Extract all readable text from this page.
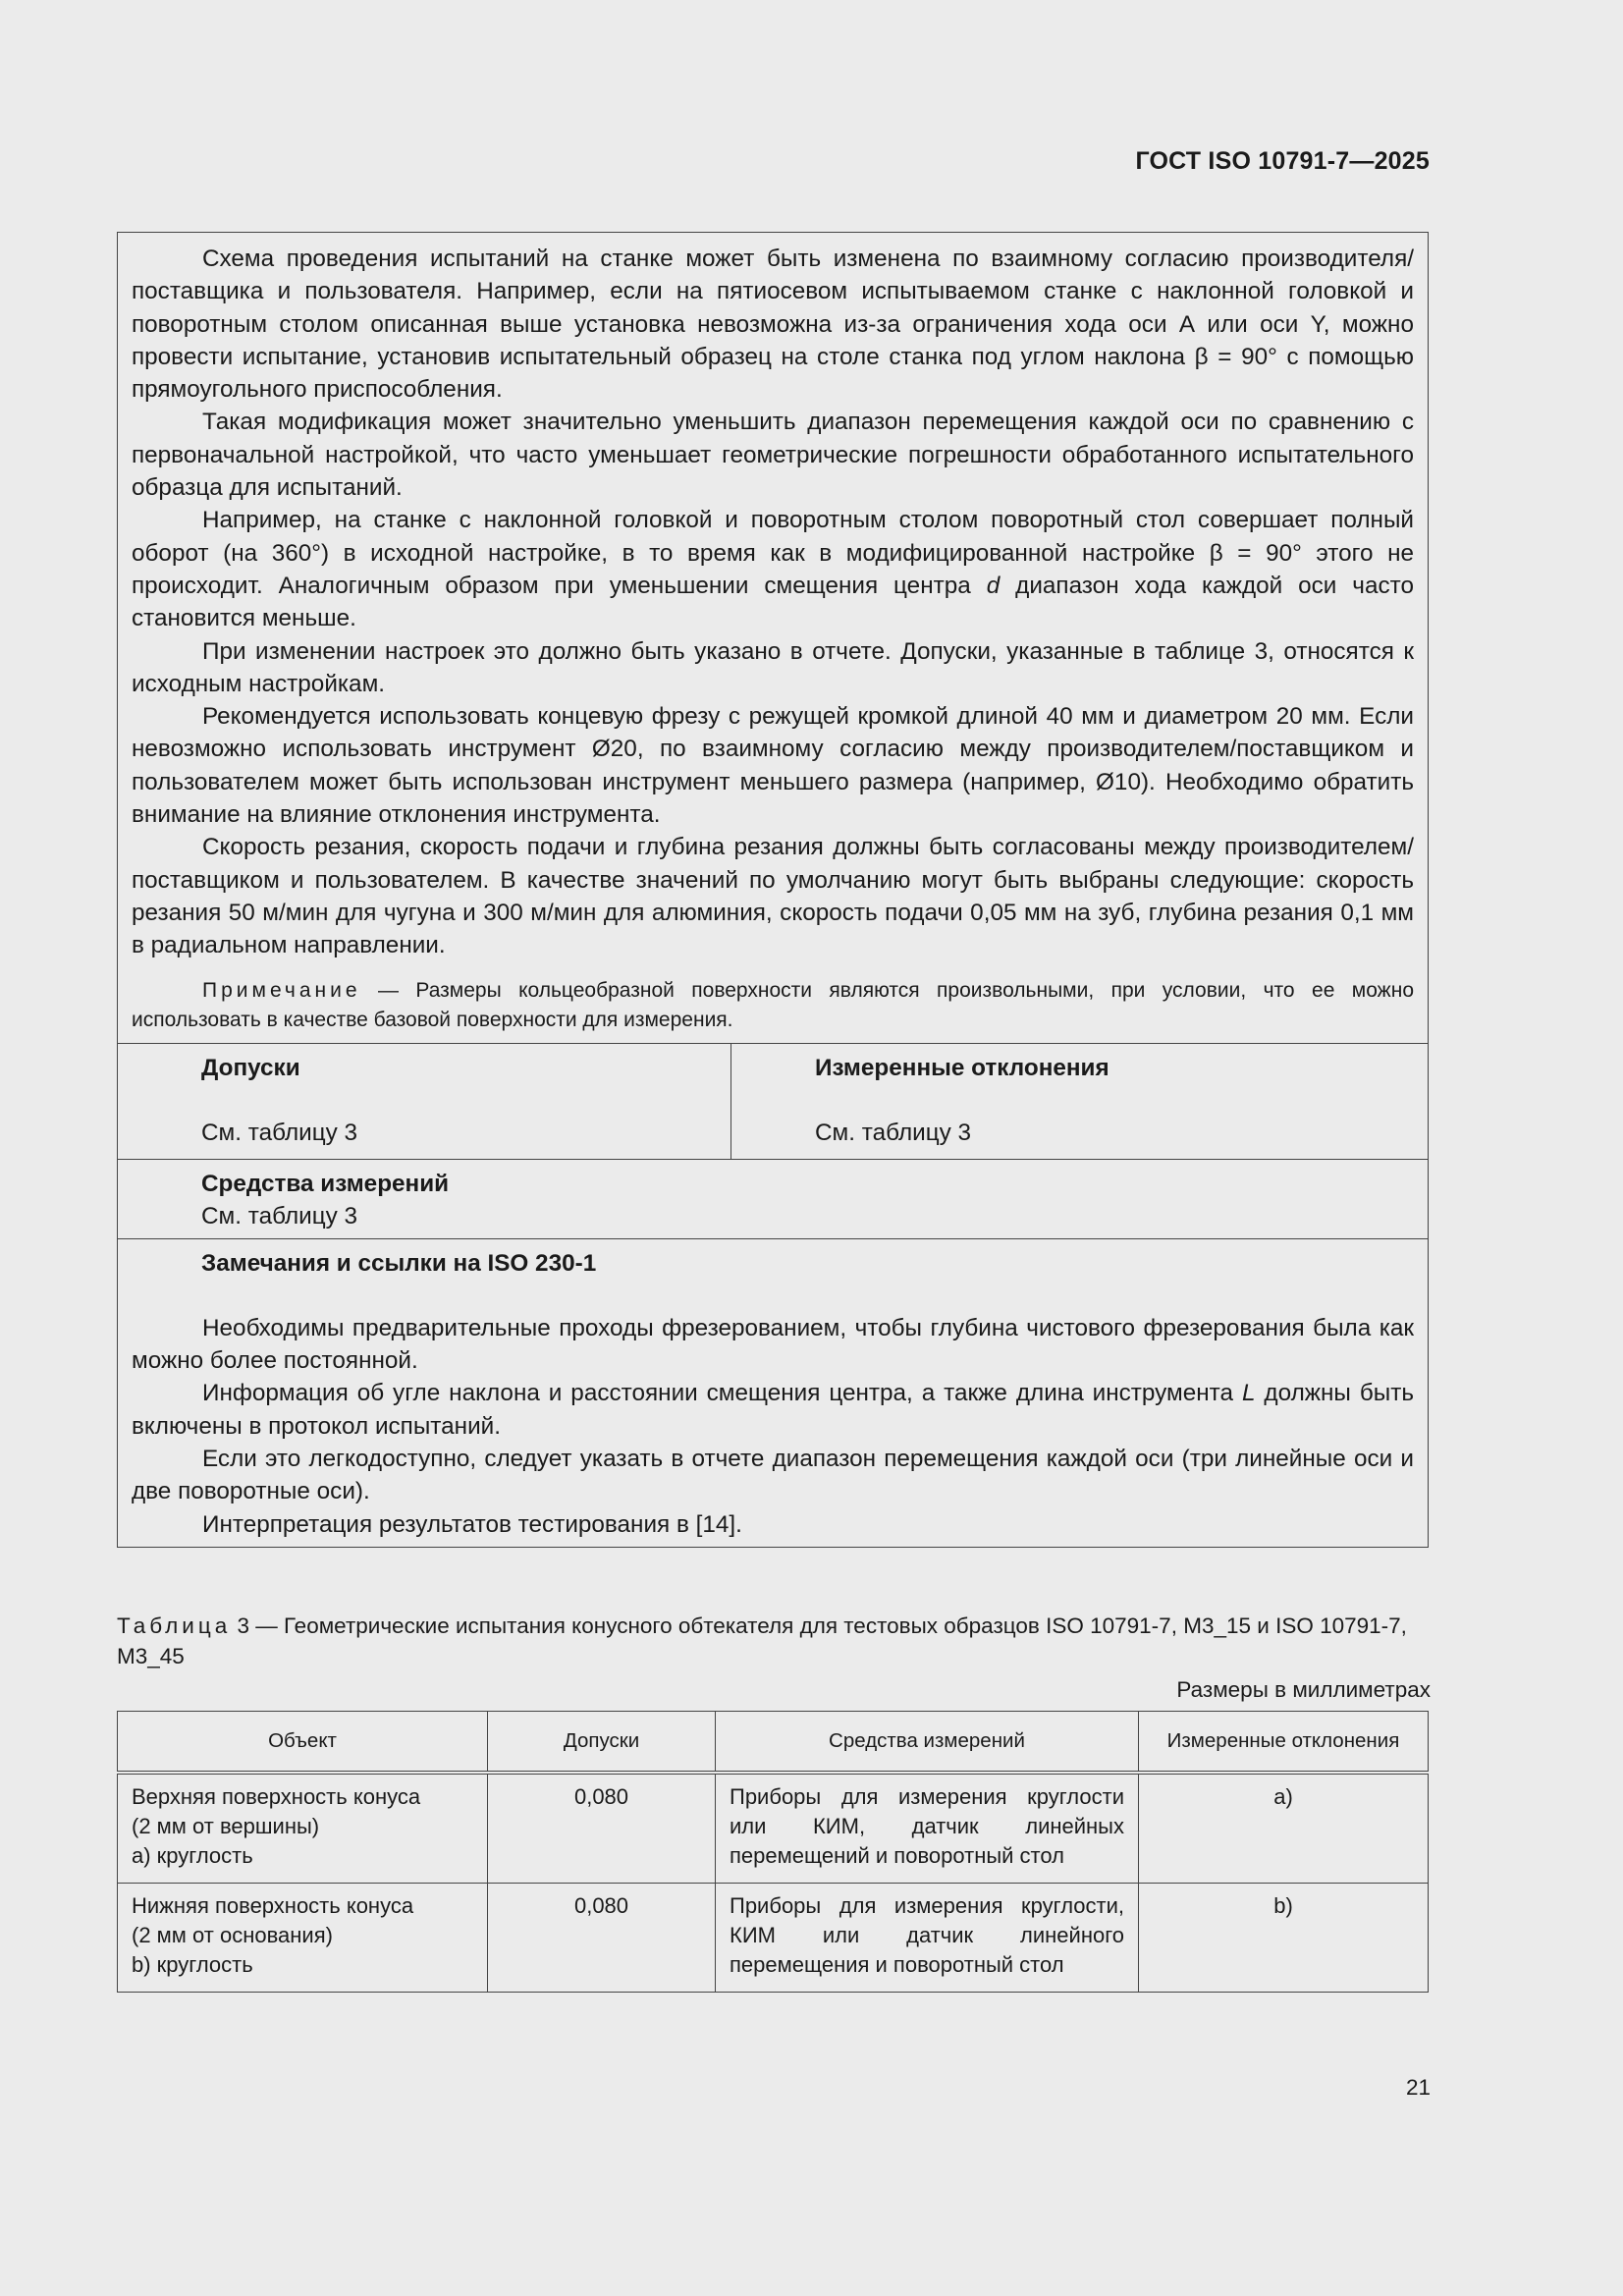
ГОСТ ISO 10791-7—2025

Схема проведения испытаний на станке может быть изменена по взаимному согласию производителя/поставщика и пользователя. Например, если на пятиосевом испытываемом станке с наклонной головкой и поворотным столом описанная выше установка невозможна из-за ограничения хода оси А или оси Y, можно провести испытание, установив испытательный образец на столе станка под углом наклона β = 90° с помощью прямоугольного приспособления.

Такая модификация может значительно уменьшить диапазон перемещения каждой оси по сравнению с первоначальной настройкой, что часто уменьшает геометрические погрешности обработанного испытательного образца для испытаний.

Например, на станке с наклонной головкой и поворотным столом поворотный стол совершает полный оборот (на 360°) в исходной настройке, в то время как в модифицированной настройке β = 90° этого не происходит. Аналогичным образом при уменьшении смещения центра d диапазон хода каждой оси часто становится меньше.

При изменении настроек это должно быть указано в отчете. Допуски, указанные в таблице 3, относятся к исходным настройкам.

Рекомендуется использовать концевую фрезу с режущей кромкой длиной 40 мм и диаметром 20 мм. Если невозможно использовать инструмент Ø20, по взаимному согласию между производителем/поставщиком и пользователем может быть использован инструмент меньшего размера (например, Ø10). Необходимо обратить внимание на влияние отклонения инструмента.

Скорость резания, скорость подачи и глубина резания должны быть согласованы между производителем/поставщиком и пользователем. В качестве значений по умолчанию могут быть выбраны следующие: скорость резания 50 м/мин для чугуна и 300 м/мин для алюминия, скорость подачи 0,05 мм на зуб, глубина резания 0,1 мм в радиальном направлении.

Примечание — Размеры кольцеобразной поверхности являются произвольными, при условии, что ее можно использовать в качестве базовой поверхности для измерения.

Допуски
См. таблицу 3
Измеренные отклонения
См. таблицу 3
Средства измерений
См. таблицу 3
Замечания и ссылки на ISO 230-1

Необходимы предварительные проходы фрезерованием, чтобы глубина чистового фрезерования была как можно более постоянной.

Информация об угле наклона и расстоянии смещения центра, а также длина инструмента L должны быть включены в протокол испытаний.

Если это легкодоступно, следует указать в отчете диапазон перемещения каждой оси (три линейные оси и две поворотные оси).

Интерпретация результатов тестирования в [14].

Таблица 3 — Геометрические испытания конусного обтекателя для тестовых образцов ISO 10791-7, M3_15 и ISO 10791-7, M3_45
Размеры в миллиметрах
Объект	Допуски	Средства измерений	Измеренные отклонения

Верхняя поверхность конуса
(2 мм от вершины)
a) круглость	0,080	Приборы для измерения круглости или КИМ, датчик линейных перемещений и поворотный стол	a)

Нижняя поверхность конуса
(2 мм от основания)
b) круглость	0,080	Приборы для измерения круглости, КИМ или датчик линейного перемещения и поворотный стол	b)
21
